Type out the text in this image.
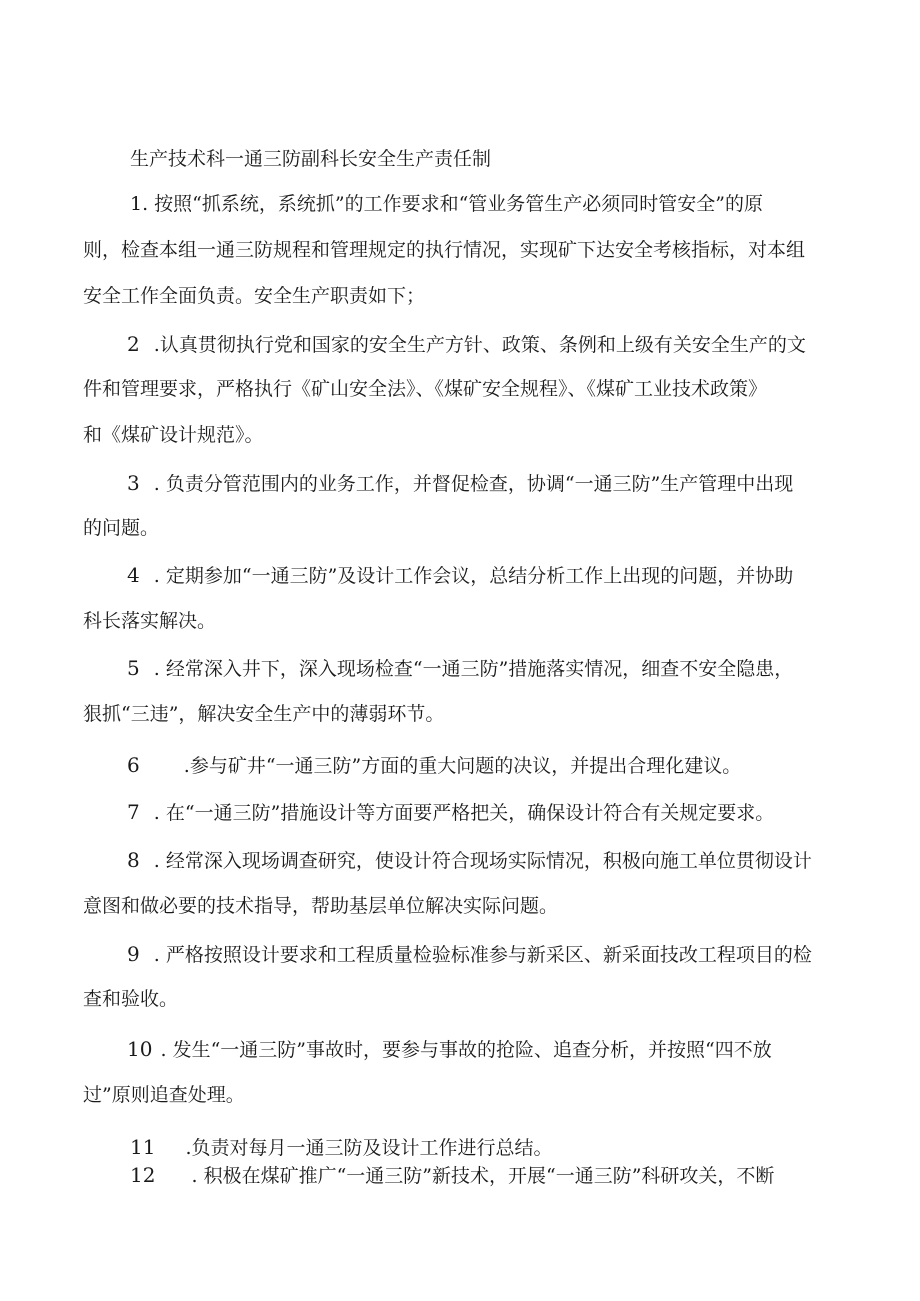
生产技术科一通三防副科长安全生产责任制
1. 按照“抓系统，系统抓”的工作要求和“管业务管生产必须同时管安全”的原
则，检查本组一通三防规程和管理规定的执行情况，实现矿下达安全考核指标，对本组
安全工作全面负责。安全生产职责如下；
2 .认真贯彻执行党和国家的安全生产方针、政策、条例和上级有关安全生产的文
件和管理要求，严格执行《矿山安全法》、《煤矿安全规程》、《煤矿工业技术政策》
和《煤矿设计规范》。
3 . 负责分管范围内的业务工作，并督促检查，协调“一通三防”生产管理中出现
的问题。
4 . 定期参加“一通三防”及设计工作会议，总结分析工作上出现的问题，并协助
科长落实解决。
5 . 经常深入井下，深入现场检查“一通三防”措施落实情况，细查不安全隐患，
狠抓“三违”，解决安全生产中的薄弱环节。
6 .参与矿井“一通三防”方面的重大问题的决议，并提出合理化建议。
7 . 在“一通三防”措施设计等方面要严格把关，确保设计符合有关规定要求。
8 . 经常深入现场调查研究，使设计符合现场实际情况，积极向施工单位贯彻设计
意图和做必要的技术指导，帮助基层单位解决实际问题。
9 . 严格按照设计要求和工程质量检验标准参与新采区、新采面技改工程项目的检
查和验收。
10 . 发生“一通三防”事故时，要参与事故的抢险、追查分析，并按照“四不放
过”原则追查处理。
11 .负责对每月一通三防及设计工作进行总结。
12 . 积极在煤矿推广“一通三防”新技术，开展“一通三防”科研攻关，不断
